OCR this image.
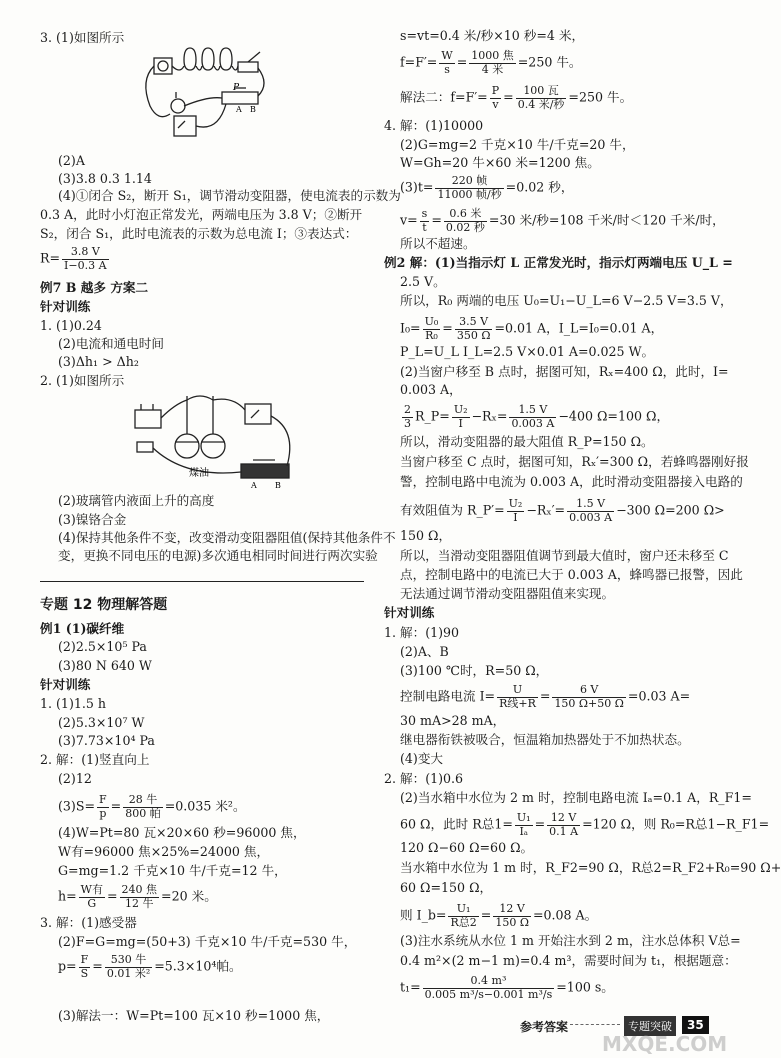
3. (1)如图所示
P
A B
(2)A
(3)3.8 0.3 1.14
(4)①闭合 S₂，断开 S₁，调节滑动变阻器，使电流表的示数为
0.3 A，此时小灯泡正常发光，两端电压为 3.8 V；②断开
S₂，闭合 S₁，此时电流表的示数为总电流 I；③表达式：
$R= \frac{3.8 V}{I-0.3 A}$
例7 B 越多 方案二
针对训练
1. (1)0.24
(2)电流和通电时间
(3)Δh₁ > Δh₂
2. (1)如图所示
煤油
A B
(2)玻璃管内液面上升的高度
(3)镍铬合金
(4)保持其他条件不变，改变滑动变阻器阻值(保持其他条件不
变，更换不同电压的电源)多次通电相同时间进行两次实验
专题 12 物理解答题
例1 (1)碳纤维
(2)2.5×10⁵ Pa
(3)80 N 640 W
针对训练
1. (1)1.5 h
(2)5.3×10⁷ W
(3)7.73×10⁴ Pa
2. 解：(1)竖直向上
(2)12
$(3)S= \frac{F}{p} = \frac{\text{28 牛}}{\text{800 帕}} =0.035$ 米²。
(4)W=Pt=80 瓦×20×60 秒=96000 焦，
W有=96000 焦×25%=24000 焦，
G=mg=1.2 千克×10 牛/千克=12 牛，
$h= \frac{\text{W有}}{G} = \frac{\text{240 焦}}{\text{12 牛}} =20$ 米。
3. 解：(1)感受器
(2)F=G=mg=(50+3) 千克×10 牛/千克=530 牛，
$p= \frac{F}{S} = \frac{\text{530 牛}}{\text{0.01 米²}} =5.3\times 10^4$帕。
(3)解法一：W=Pt=100 瓦×10 秒=1000 焦，
s=vt=0.4 米/秒×10 秒=4 米，
$f=F'= \frac{W}{s} = \frac{\text{1000 焦}}{\text{4 米}} =250$ 牛。
解法二：$f=F'= \frac{P}{v} = \frac{\text{100 瓦}}{\text{0.4 米/秒}} =250$ 牛。
4. 解：(1)10000
(2)G=mg=2 千克×10 牛/千克=20 牛，
W=Gh=20 牛×60 米=1200 焦。
$(3)t= \frac{\text{220 帧}}{\text{11000 帧/秒}} =0.02$ 秒，
$v= \frac{s}{t} = \frac{\text{0.6 米}}{\text{0.02 秒}} =30$ 米/秒=108 千米/时＜120 千米/时，
所以不超速。
例2 解：(1)当指示灯 L 正常发光时，指示灯两端电压 U_L =
2.5 V。
所以，R₀ 两端的电压 U₀=U₁−U_L=6 V−2.5 V=3.5 V，
$I_0= \frac{\text{U₀}}{\text{R₀}} = \frac{3.5 V}{350 \Omega} =0.01$ A，I_L=I₀=0.01 A，
P_L=U_L I_L=2.5 V×0.01 A=0.025 W。
(2)当窗户移至 B 点时，据图可知，Rₓ=400 Ω，此时，I=
0.003 A，
$\frac{2}{3}$ R_P= $\frac{\text{U₂}}{I} -R_x= \frac{1.5 V}{0.003 A} -400$ Ω=100 Ω，
所以，滑动变阻器的最大阻值 R_P=150 Ω。
当窗户移至 C 点时，据图可知，Rₓ′=300 Ω，若蜂鸣器刚好报
警，控制电路中电流为 0.003 A，此时滑动变阻器接入电路的
有效阻值为 R_P′= $\frac{\text{U₂}}{I} -R_x'= \frac{1.5 V}{0.003 A} -300$ Ω=200 Ω>
150 Ω，
所以，当滑动变阻器阻值调节到最大值时，窗户还未移至 C
点，控制电路中的电流已大于 0.003 A，蜂鸣器已报警，因此
无法通过调节滑动变阻器阻值来实现。
针对训练
1. 解：(1)90
(2)A、B
(3)100 ℃时，R=50 Ω，
控制电路电流 $I= \frac{U}{\text{R线+R}} = \frac{6 V}{150 \Omega+50 \Omega} =0.03$ A=
30 mA>28 mA，
继电器衔铁被吸合，恒温箱加热器处于不加热状态。
(4)变大
2. 解：(1)0.6
(2)当水箱中水位为 2 m 时，控制电路电流 Iₐ=0.1 A，R_F1=
60 Ω，此时 R总$1= \frac{\text{U₁}}{\text{Iₐ}} = \frac{12 V}{0.1 A} =120$ Ω，则 R₀=R总1−R_F1=
120 Ω−60 Ω=60 Ω。
当水箱中水位为 1 m 时，R_F2=90 Ω，R总2=R_F2+R₀=90 Ω+
60 Ω=150 Ω，
则 I_b= $\frac{\text{U₁}}{\text{R总2}} = \frac{12 V}{150 \Omega} =0.08$ A。
(3)注水系统从水位 1 m 开始注水到 2 m，注水总体积 V总=
0.4 m²×(2 m−1 m)=0.4 m³，需要时间为 t₁，根据题意：
$t_1= \frac{\text{0.4 m³}}{\text{0.005 m³/s−0.001 m³/s}} =100$ s。
参考答案	专题突破	35
MXQE.COM
